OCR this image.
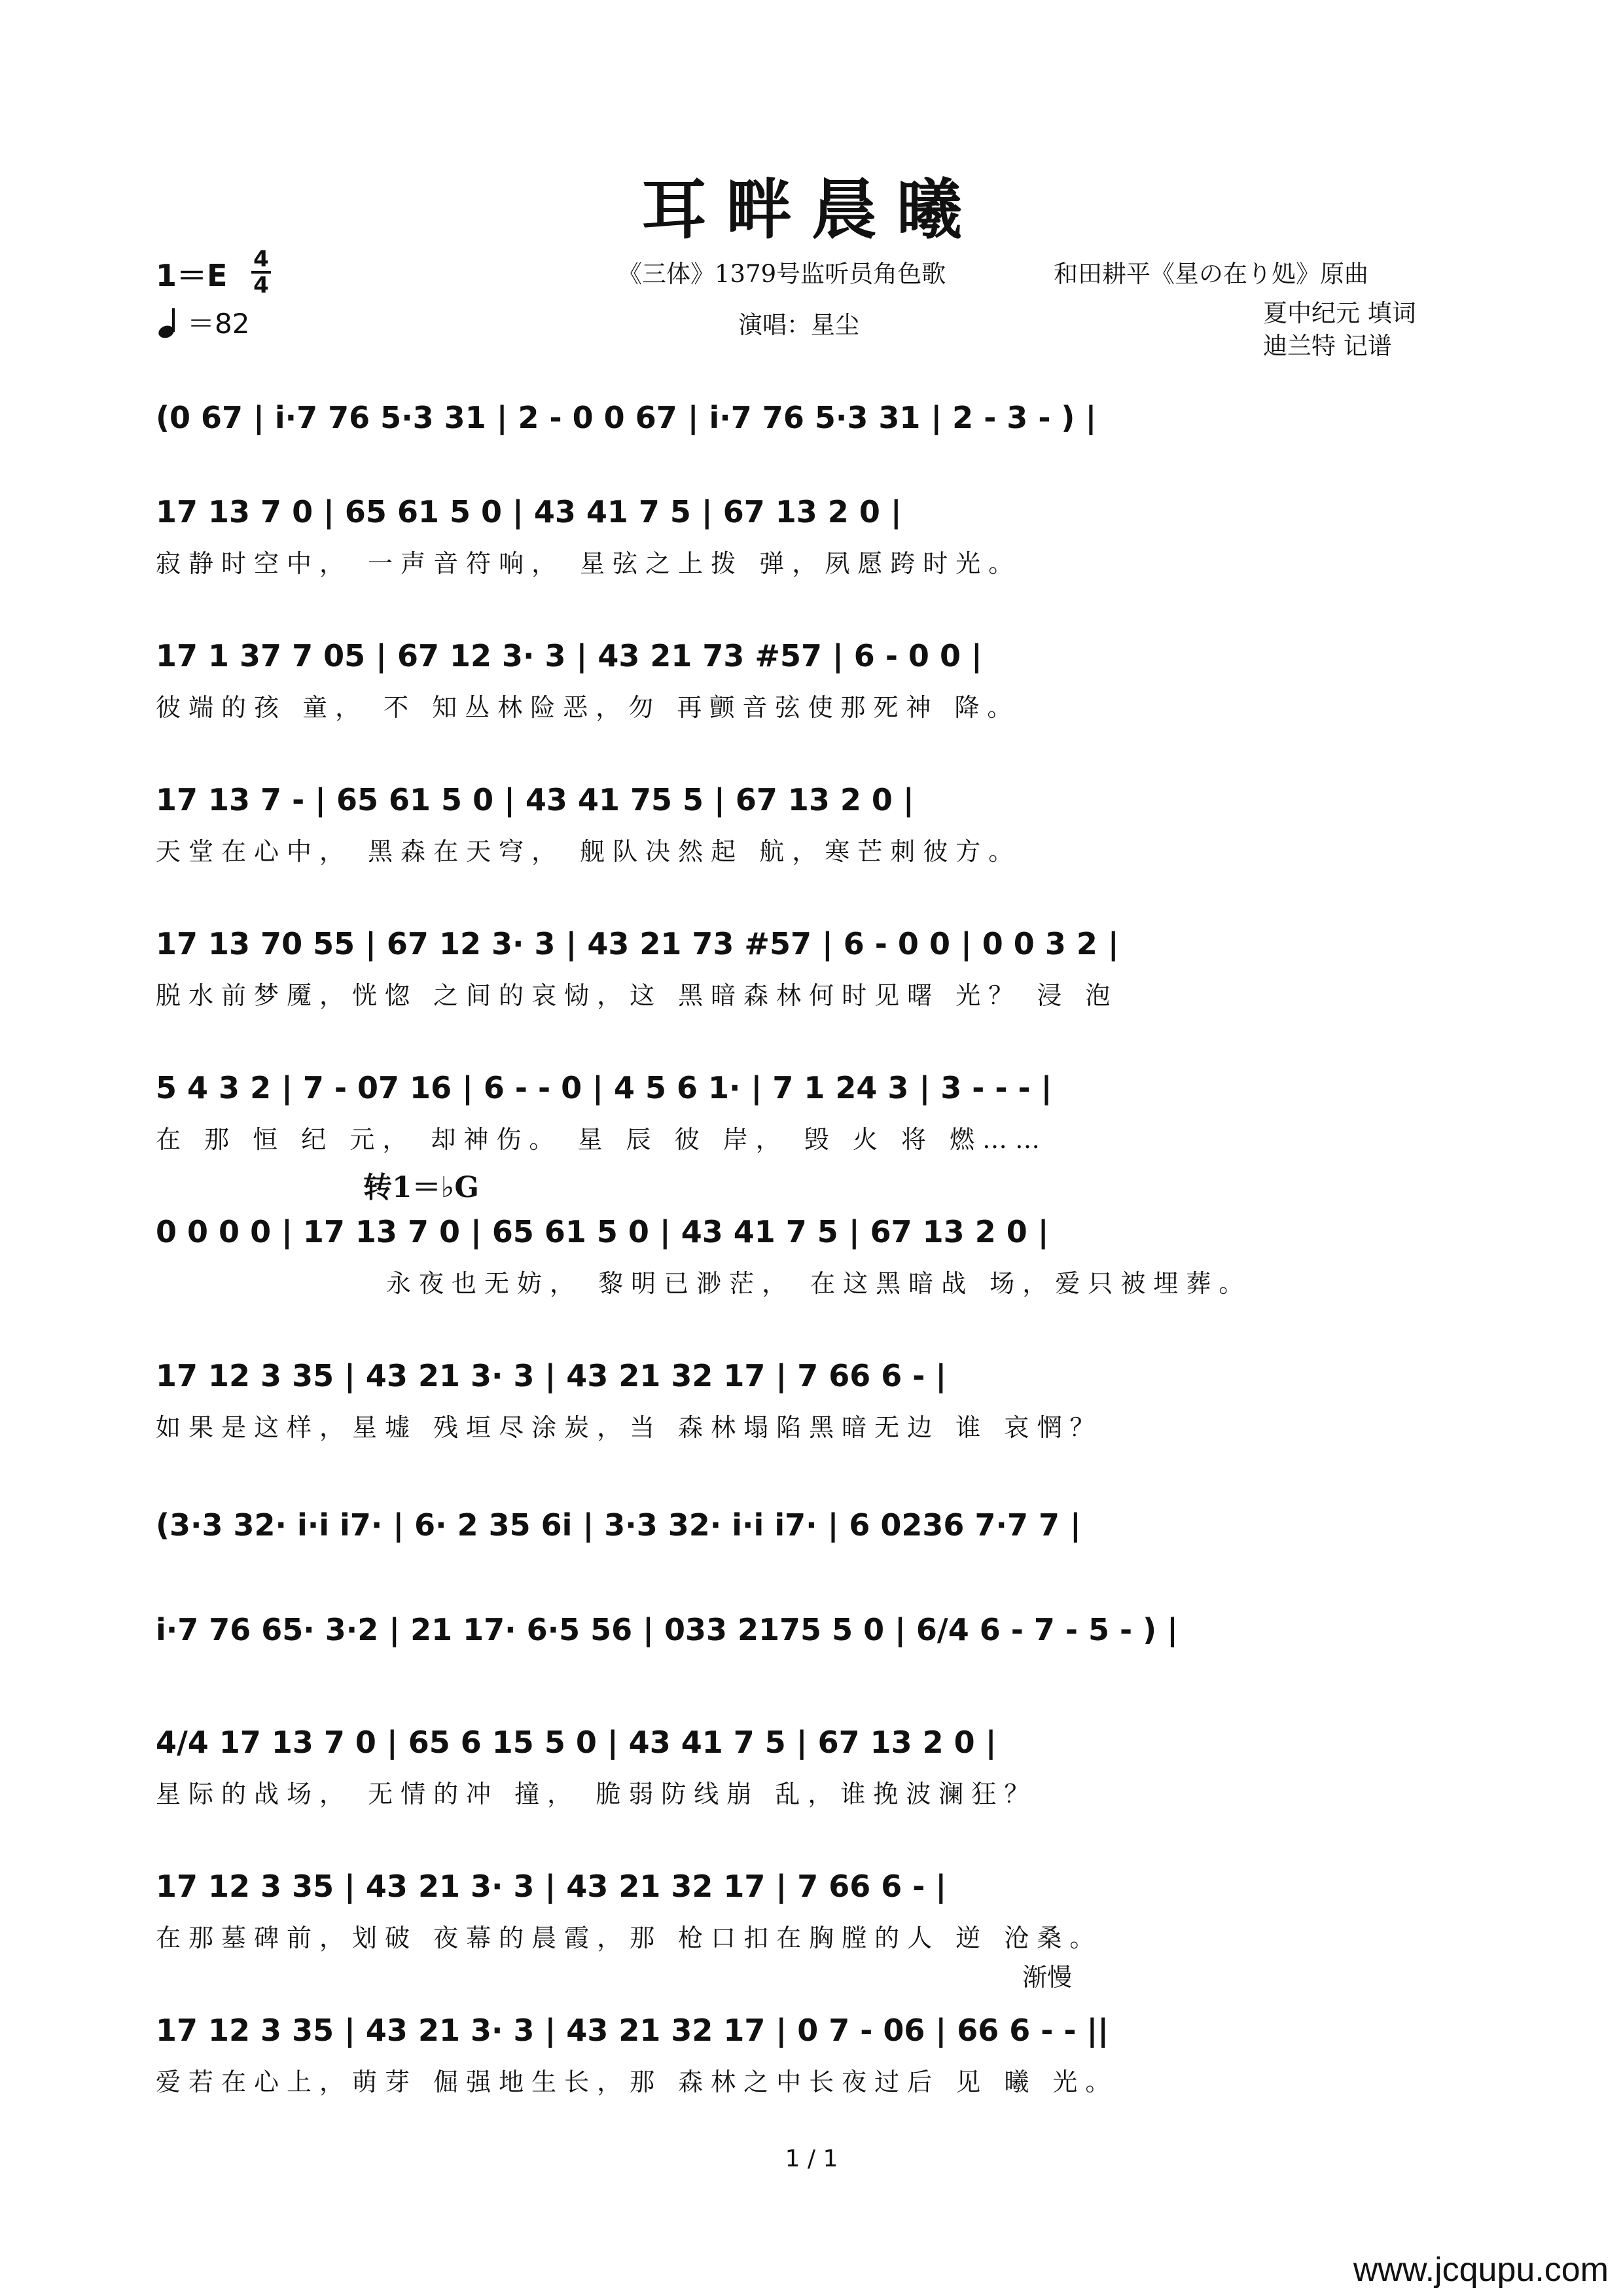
耳畔晨曦
1＝E 4
4
＝82
《三体》1379号监听员角色歌	和田耕平《星の在り処》原曲
演唱：星尘	夏中纪元 填词
迪兰特 记谱
(0 67 | i·7 76 5·3 31 | 2 - 0 0 67 | i·7 76 5·3 31 | 2 - 3 - ) |
17 13 7 0 | 65 61 5 0 | 43 41 7 5 | 67 13 2 0 |
寂静时空中， 一声音符响， 星弦之上拨 弹，夙愿跨时光。
17 1 37 7 05 | 67 12 3· 3 | 43 21 73 #57 | 6 - 0 0 |
彼端的孩 童， 不 知丛林险恶，勿 再颤音弦使那死神 降。
17 13 7 - | 65 61 5 0 | 43 41 75 5 | 67 13 2 0 |
天堂在心中， 黑森在天穹， 舰队决然起 航，寒芒刺彼方。
17 13 70 55 | 67 12 3· 3 | 43 21 73 #57 | 6 - 0 0 | 0 0 3 2 |
脱水前梦魇，恍惚 之间的哀恸，这 黑暗森林何时见曙 光？ 浸 泡
5 4 3 2 | 7 - 07 16 | 6 - - 0 | 4 5 6 1· | 7 1 24 3 | 3 - - - |
在 那 恒 纪 元， 却神伤。 星 辰 彼 岸， 毁 火 将 燃……
转1＝♭G
0 0 0 0 | 17 13 7 0 | 65 61 5 0 | 43 41 7 5 | 67 13 2 0 |
永夜也无妨， 黎明已渺茫， 在这黑暗战 场，爱只被埋葬。
17 12 3 35 | 43 21 3· 3 | 43 21 32 17 | 7 66 6 - |
如果是这样，星墟 残垣尽涂炭，当 森林塌陷黑暗无边 谁 哀惘？
(3·3 32· i·i i7· | 6· 2 35 6i | 3·3 32· i·i i7· | 6 0236 7·7 7 |
i·7 76 65· 3·2 | 21 17· 6·5 56 | 033 2175 5 0 | 6/4 6 - 7 - 5 - ) |
4/4 17 13 7 0 | 65 6 15 5 0 | 43 41 7 5 | 67 13 2 0 |
星际的战场， 无情的冲 撞， 脆弱防线崩 乱，谁挽波澜狂？
17 12 3 35 | 43 21 3· 3 | 43 21 32 17 | 7 66 6 - |
在那墓碑前，划破 夜幕的晨霞，那 枪口扣在胸膛的人 逆 沧桑。
渐慢
17 12 3 35 | 43 21 3· 3 | 43 21 32 17 | 0 7 - 06 | 66 6 - - ||
爱若在心上，萌芽 倔强地生长，那 森林之中长夜过后 见 曦 光。
1 / 1
www.jcqupu.com
